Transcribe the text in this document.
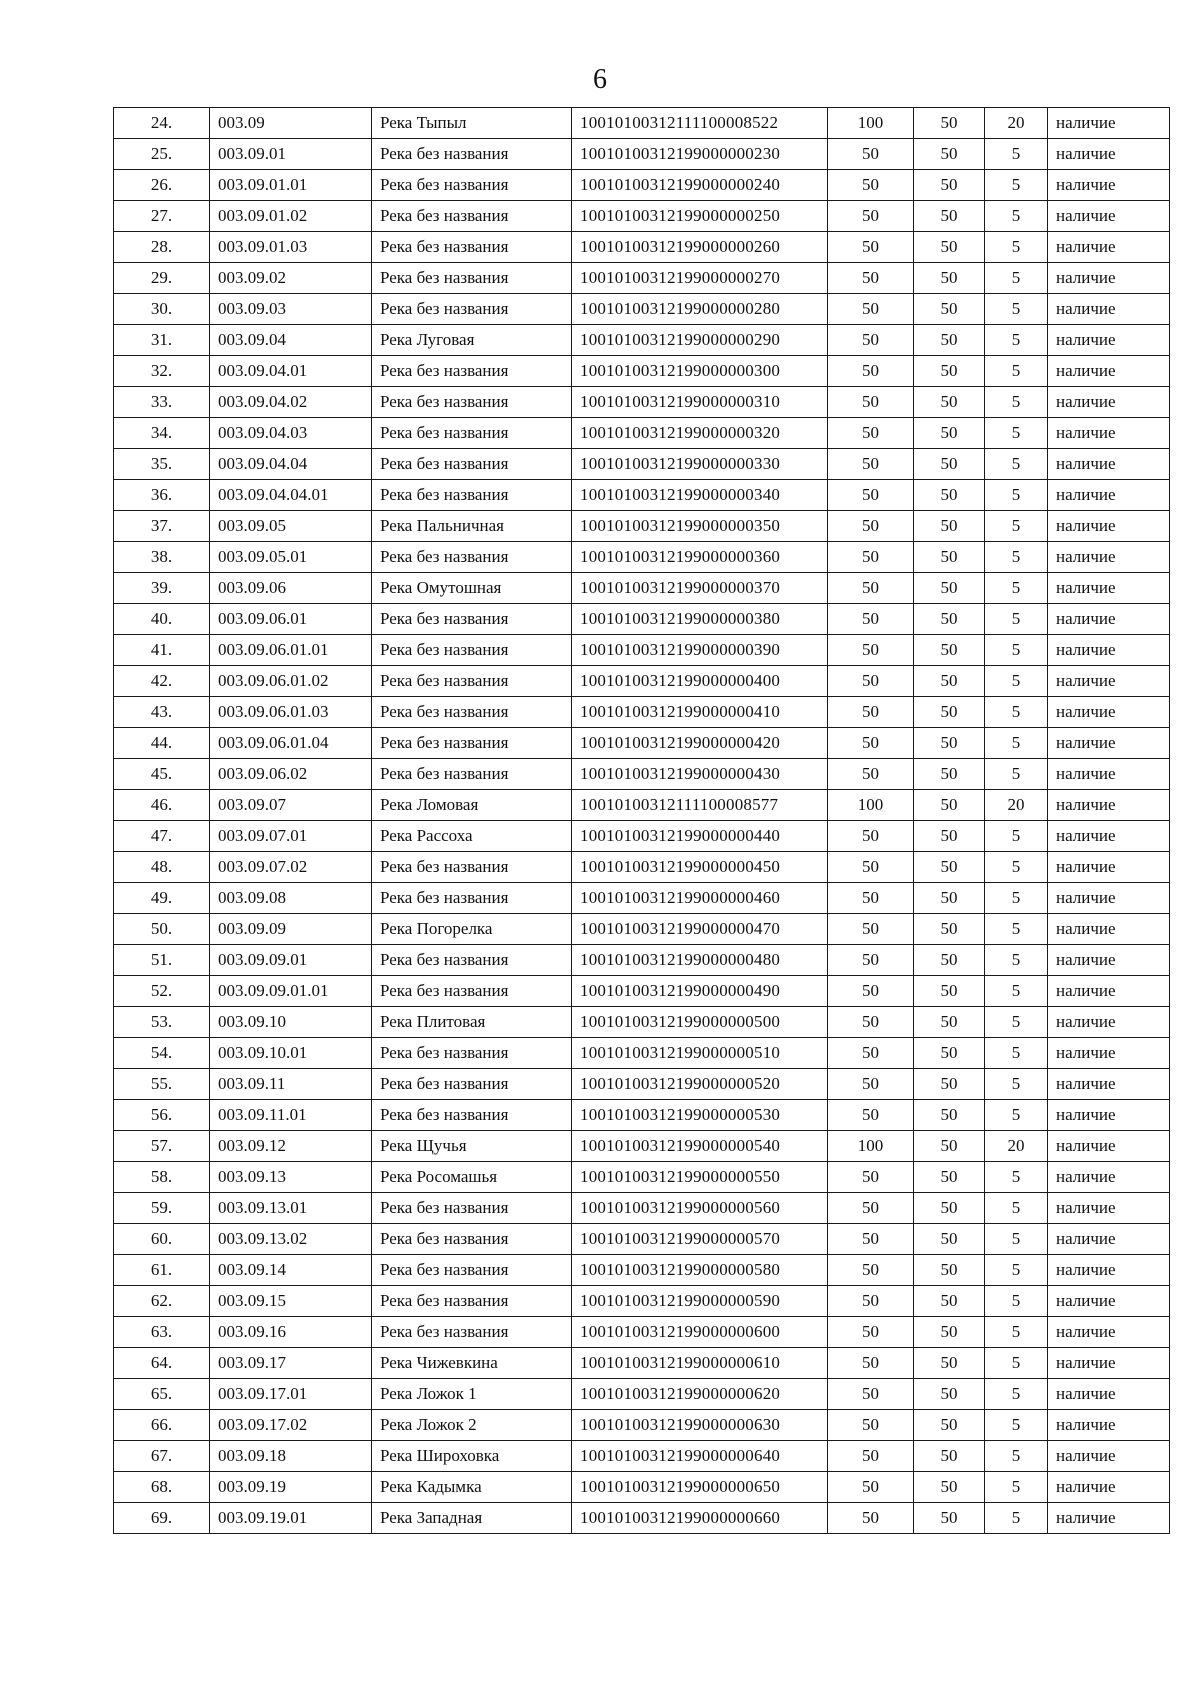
6
24.	003.09	Река Тыпыл	10010100312111100008522	100	50	20	наличие
25.	003.09.01	Река без названия	10010100312199000000230	50	50	5	наличие
26.	003.09.01.01	Река без названия	10010100312199000000240	50	50	5	наличие
27.	003.09.01.02	Река без названия	10010100312199000000250	50	50	5	наличие
28.	003.09.01.03	Река без названия	10010100312199000000260	50	50	5	наличие
29.	003.09.02	Река без названия	10010100312199000000270	50	50	5	наличие
30.	003.09.03	Река без названия	10010100312199000000280	50	50	5	наличие
31.	003.09.04	Река Луговая	10010100312199000000290	50	50	5	наличие
32.	003.09.04.01	Река без названия	10010100312199000000300	50	50	5	наличие
33.	003.09.04.02	Река без названия	10010100312199000000310	50	50	5	наличие
34.	003.09.04.03	Река без названия	10010100312199000000320	50	50	5	наличие
35.	003.09.04.04	Река без названия	10010100312199000000330	50	50	5	наличие
36.	003.09.04.04.01	Река без названия	10010100312199000000340	50	50	5	наличие
37.	003.09.05	Река Пальничная	10010100312199000000350	50	50	5	наличие
38.	003.09.05.01	Река без названия	10010100312199000000360	50	50	5	наличие
39.	003.09.06	Река Омутошная	10010100312199000000370	50	50	5	наличие
40.	003.09.06.01	Река без названия	10010100312199000000380	50	50	5	наличие
41.	003.09.06.01.01	Река без названия	10010100312199000000390	50	50	5	наличие
42.	003.09.06.01.02	Река без названия	10010100312199000000400	50	50	5	наличие
43.	003.09.06.01.03	Река без названия	10010100312199000000410	50	50	5	наличие
44.	003.09.06.01.04	Река без названия	10010100312199000000420	50	50	5	наличие
45.	003.09.06.02	Река без названия	10010100312199000000430	50	50	5	наличие
46.	003.09.07	Река Ломовая	10010100312111100008577	100	50	20	наличие
47.	003.09.07.01	Река Рассоха	10010100312199000000440	50	50	5	наличие
48.	003.09.07.02	Река без названия	10010100312199000000450	50	50	5	наличие
49.	003.09.08	Река без названия	10010100312199000000460	50	50	5	наличие
50.	003.09.09	Река Погорелка	10010100312199000000470	50	50	5	наличие
51.	003.09.09.01	Река без названия	10010100312199000000480	50	50	5	наличие
52.	003.09.09.01.01	Река без названия	10010100312199000000490	50	50	5	наличие
53.	003.09.10	Река Плитовая	10010100312199000000500	50	50	5	наличие
54.	003.09.10.01	Река без названия	10010100312199000000510	50	50	5	наличие
55.	003.09.11	Река без названия	10010100312199000000520	50	50	5	наличие
56.	003.09.11.01	Река без названия	10010100312199000000530	50	50	5	наличие
57.	003.09.12	Река Щучья	10010100312199000000540	100	50	20	наличие
58.	003.09.13	Река Росомашья	10010100312199000000550	50	50	5	наличие
59.	003.09.13.01	Река без названия	10010100312199000000560	50	50	5	наличие
60.	003.09.13.02	Река без названия	10010100312199000000570	50	50	5	наличие
61.	003.09.14	Река без названия	10010100312199000000580	50	50	5	наличие
62.	003.09.15	Река без названия	10010100312199000000590	50	50	5	наличие
63.	003.09.16	Река без названия	10010100312199000000600	50	50	5	наличие
64.	003.09.17	Река Чижевкина	10010100312199000000610	50	50	5	наличие
65.	003.09.17.01	Река Ложок 1	10010100312199000000620	50	50	5	наличие
66.	003.09.17.02	Река Ложок 2	10010100312199000000630	50	50	5	наличие
67.	003.09.18	Река Широховка	10010100312199000000640	50	50	5	наличие
68.	003.09.19	Река Кадымка	10010100312199000000650	50	50	5	наличие
69.	003.09.19.01	Река Западная	10010100312199000000660	50	50	5	наличие
